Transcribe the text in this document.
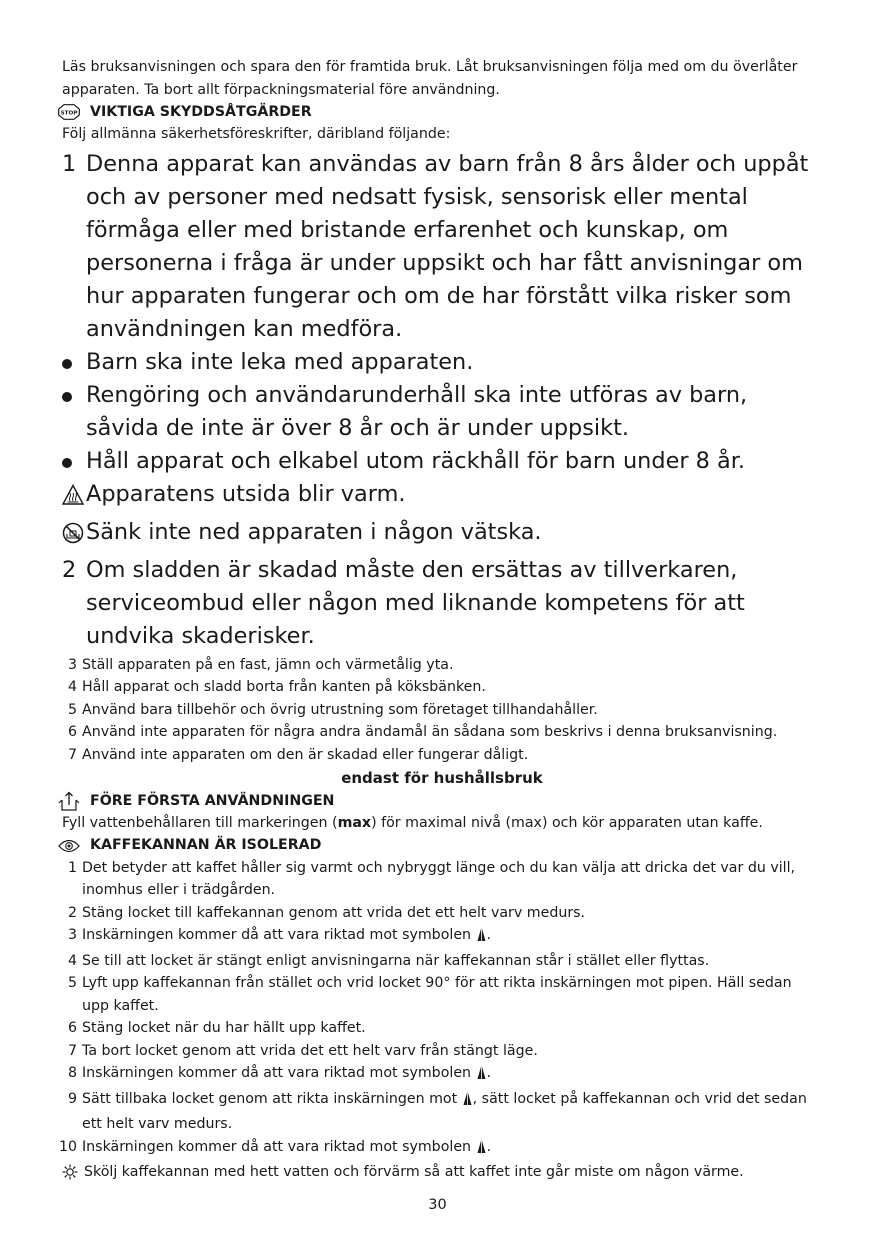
Läs bruksanvisningen och spara den för framtida bruk. Låt bruksanvisningen följa med om du överlåter apparaten. Ta bort allt förpackningsmaterial före användning.

STOP VIKTIGA SKYDDSÅTGÄRDER
Följ allmänna säkerhetsföreskrifter, däribland följande:
1 Denna apparat kan användas av barn från 8 års ålder och uppåt och av personer med nedsatt fysisk, sensorisk eller mental förmåga eller med bristande erfarenhet och kunskap, om personerna i fråga är under uppsikt och har fått anvisningar om hur apparaten fungerar och om de har förstått vilka risker som användningen kan medföra.
Barn ska inte leka med apparaten.
Rengöring och användarunderhåll ska inte utföras av barn, såvida de inte är över 8 år och är under uppsikt.
Håll apparat och elkabel utom räckhåll för barn under 8 år.
Apparatens utsida blir varm.
Sänk inte ned apparaten i någon vätska.
2 Om sladden är skadad måste den ersättas av tillverkaren, serviceombud eller någon med liknande kompetens för att undvika skaderisker.
3 Ställ apparaten på en fast, jämn och värmetålig yta.
4 Håll apparat och sladd borta från kanten på köksbänken.
5 Använd bara tillbehör och övrig utrustning som företaget tillhandahåller.
6 Använd inte apparaten för några andra ändamål än sådana som beskrivs i denna bruksanvisning.
7 Använd inte apparaten om den är skadad eller fungerar dåligt.
endast för hushållsbruk
FÖRE FÖRSTA ANVÄNDNINGEN
Fyll vattenbehållaren till markeringen (max) för maximal nivå (max) och kör apparaten utan kaffe.
KAFFEKANNAN ÄR ISOLERAD
1 Det betyder att kaffet håller sig varmt och nybryggt länge och du kan välja att dricka det var du vill, inomhus eller i trädgården.
2 Stäng locket till kaffekannan genom att vrida det ett helt varv medurs.
3 Inskärningen kommer då att vara riktad mot symbolen .
4 Se till att locket är stängt enligt anvisningarna när kaffekannan står i stället eller flyttas.
5 Lyft upp kaffekannan från stället och vrid locket 90° för att rikta inskärningen mot pipen. Häll sedan upp kaffet.
6 Stäng locket när du har hällt upp kaffet.
7 Ta bort locket genom att vrida det ett helt varv från stängt läge.
8 Inskärningen kommer då att vara riktad mot symbolen .
9 Sätt tillbaka locket genom att rikta inskärningen mot , sätt locket på kaffekannan och vrid det sedan ett helt varv medurs.
10 Inskärningen kommer då att vara riktad mot symbolen .
Skölj kaffekannan med hett vatten och förvärm så att kaffet inte går miste om någon värme.
30
